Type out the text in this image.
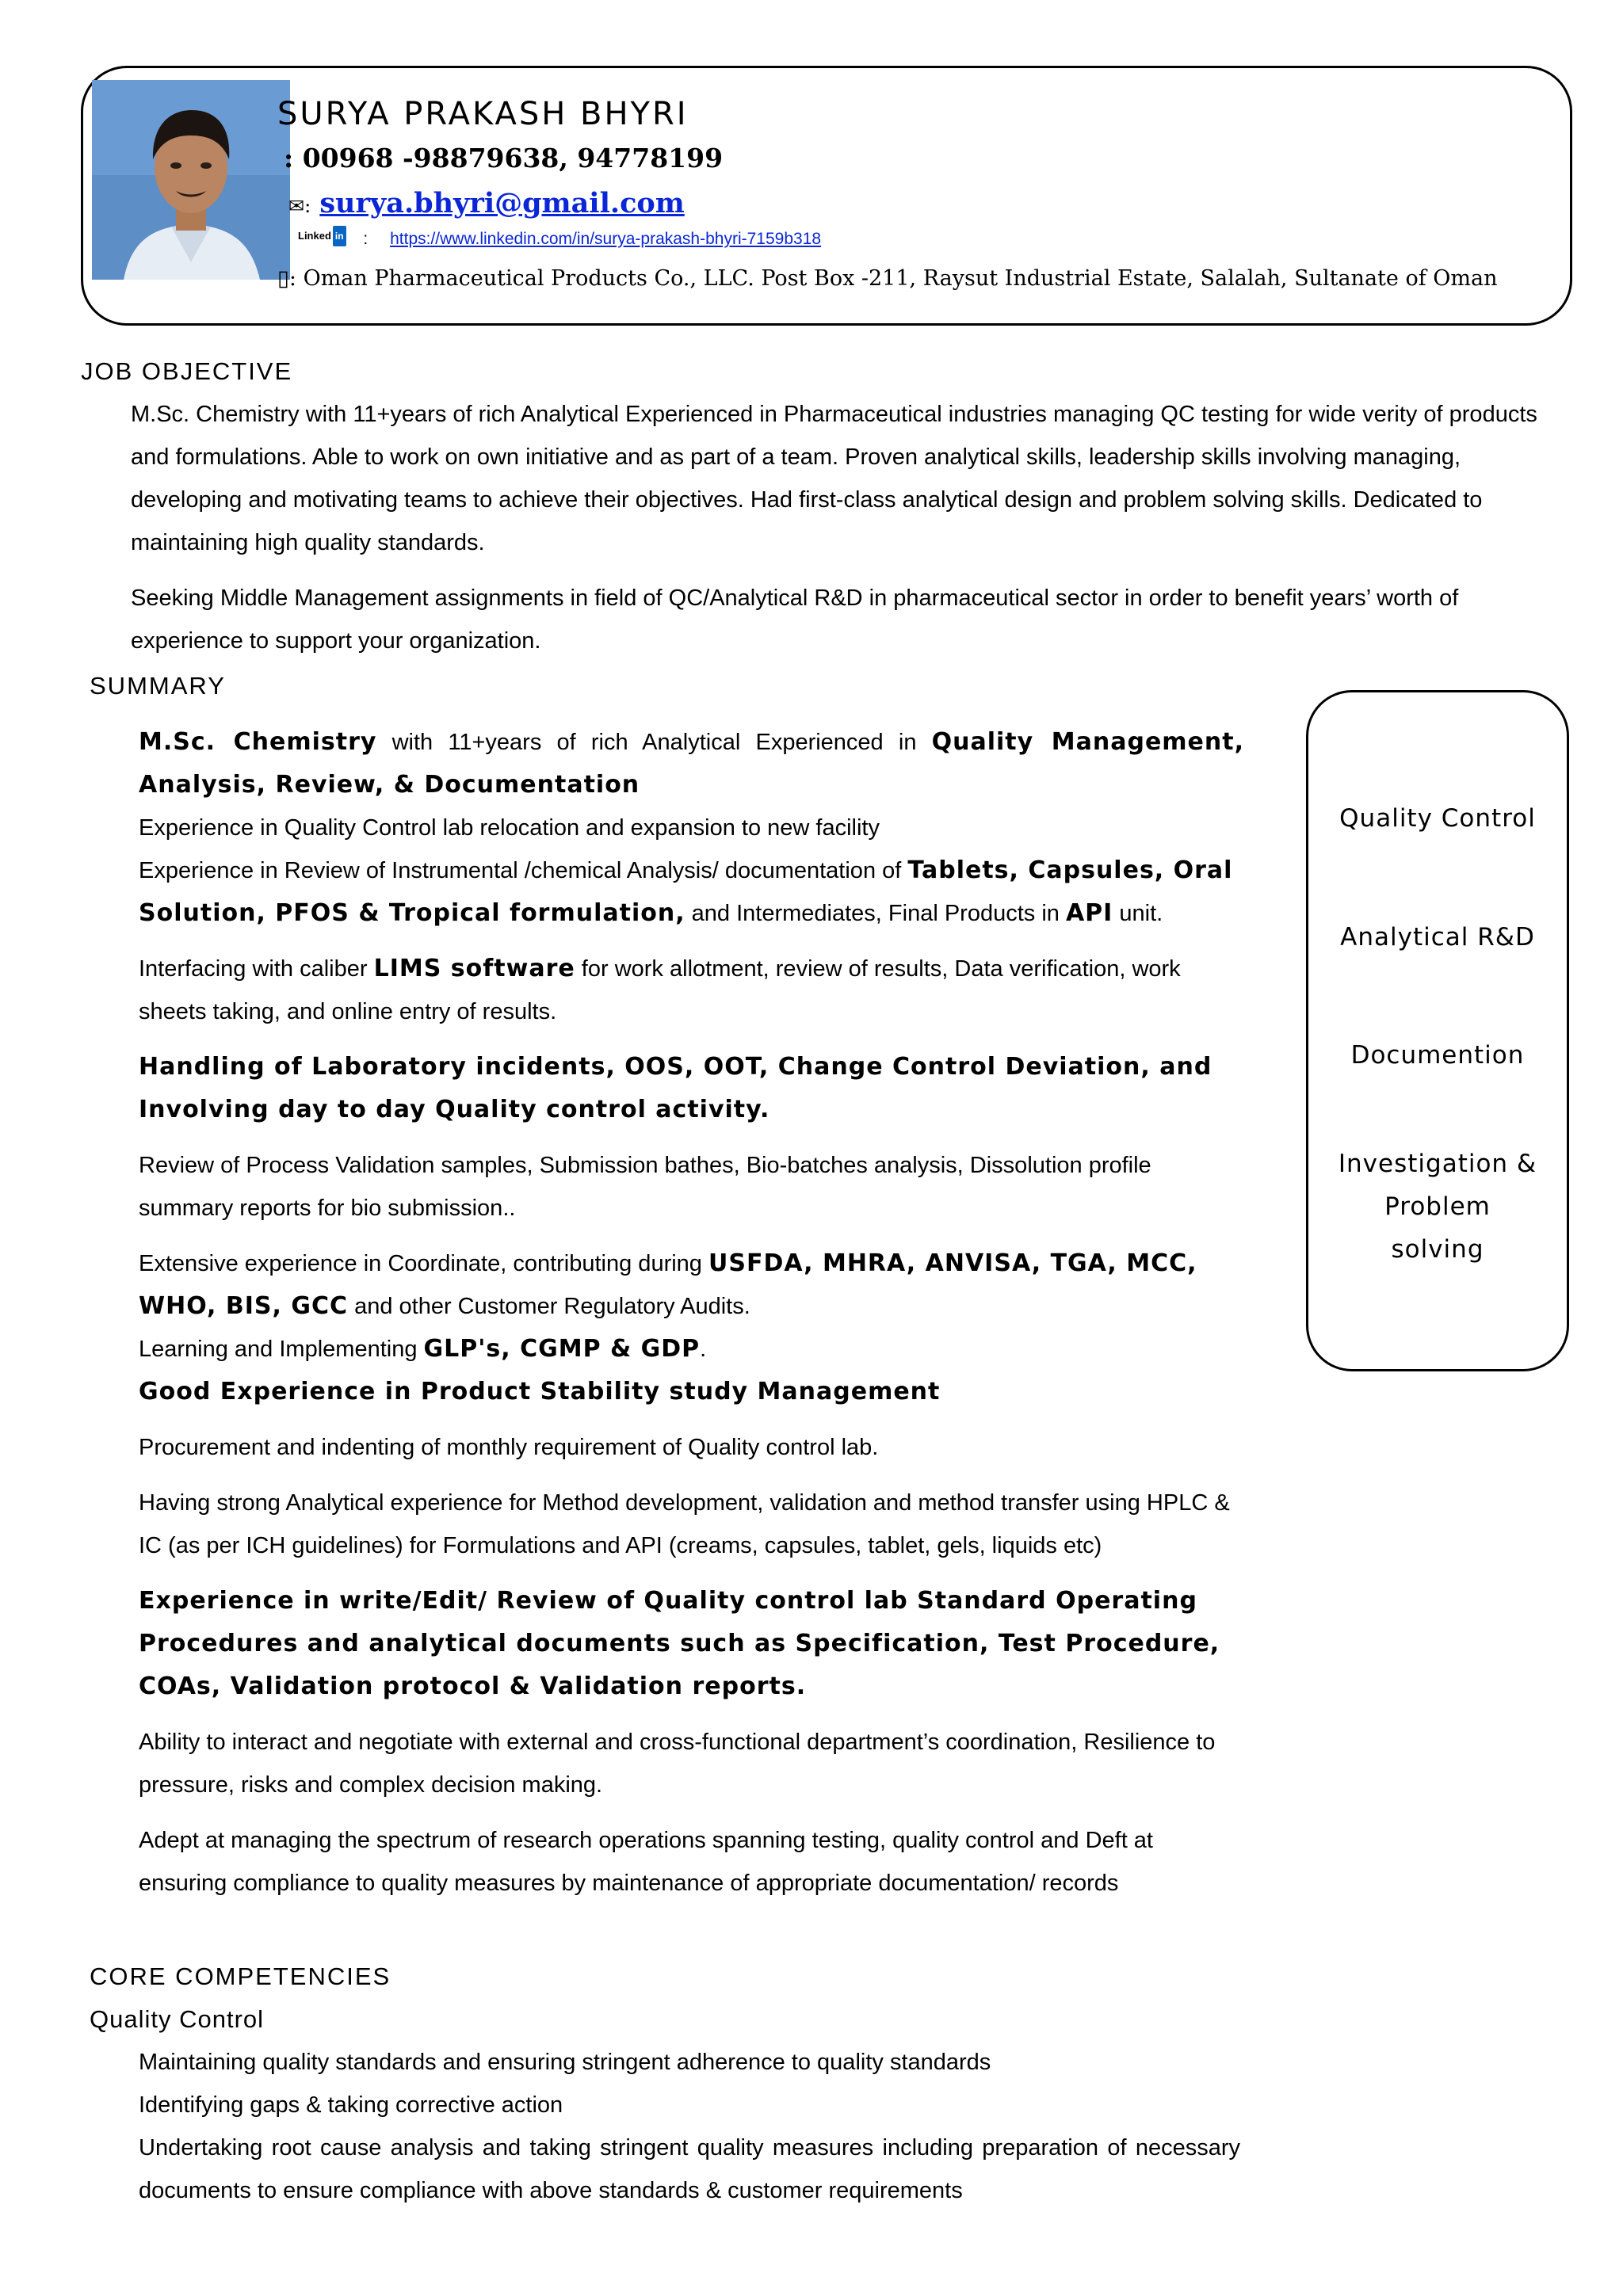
SURYA PRAKASH BHYRI
: 00968 -98879638, 94778199
✉: surya.bhyri@gmail.com
Linked in : https://www.linkedin.com/in/surya-prakash-bhyri-7159b318
▯: Oman Pharmaceutical Products Co., LLC. Post Box -211, Raysut Industrial Estate, Salalah, Sultanate of Oman
JOB OBJECTIVE

M.Sc. Chemistry with 11+years of rich Analytical Experienced in Pharmaceutical industries managing QC testing for wide verity of products and formulations. Able to work on own initiative and as part of a team. Proven analytical skills, leadership skills involving managing, developing and motivating teams to achieve their objectives. Had first-class analytical design and problem solving skills. Dedicated to maintaining high quality standards.

Seeking Middle Management assignments in field of QC/Analytical R&D in pharmaceutical sector in order to benefit years’ worth of experience to support your organization.

SUMMARY

M.Sc. Chemistry with 11+years of rich Analytical Experienced in Quality Management, Analysis, Review, & Documentation

Experience in Quality Control lab relocation and expansion to new facility

Experience in Review of Instrumental /chemical Analysis/ documentation of Tablets, Capsules, Oral Solution, PFOS & Tropical formulation, and Intermediates, Final Products in API unit.

Interfacing with caliber LIMS software for work allotment, review of results, Data verification, work sheets taking, and online entry of results.

Handling of Laboratory incidents, OOS, OOT, Change Control Deviation, and Involving day to day Quality control activity.

Review of Process Validation samples, Submission bathes, Bio-batches analysis, Dissolution profile summary reports for bio submission..

Extensive experience in Coordinate, contributing during USFDA, MHRA, ANVISA, TGA, MCC, WHO, BIS, GCC and other Customer Regulatory Audits.

Learning and Implementing GLP's, CGMP & GDP.

Good Experience in Product Stability study Management

Procurement and indenting of monthly requirement of Quality control lab.

Having strong Analytical experience for Method development, validation and method transfer using HPLC & IC (as per ICH guidelines) for Formulations and API (creams, capsules, tablet, gels, liquids etc)

Experience in write/Edit/ Review of Quality control lab Standard Operating Procedures and analytical documents such as Specification, Test Procedure, COAs, Validation protocol & Validation reports.

Ability to interact and negotiate with external and cross-functional department’s coordination, Resilience to pressure, risks and complex decision making.

Adept at managing the spectrum of research operations spanning testing, quality control and Deft at ensuring compliance to quality measures by maintenance of appropriate documentation/ records

Quality Control
Analytical R&D
Documention
Investigation &
Problem
solving
CORE COMPETENCIES
Quality Control

Maintaining quality standards and ensuring stringent adherence to quality standards

Identifying gaps & taking corrective action

Undertaking root cause analysis and taking stringent quality measures including preparation of necessary documents to ensure compliance with above standards & customer requirements
